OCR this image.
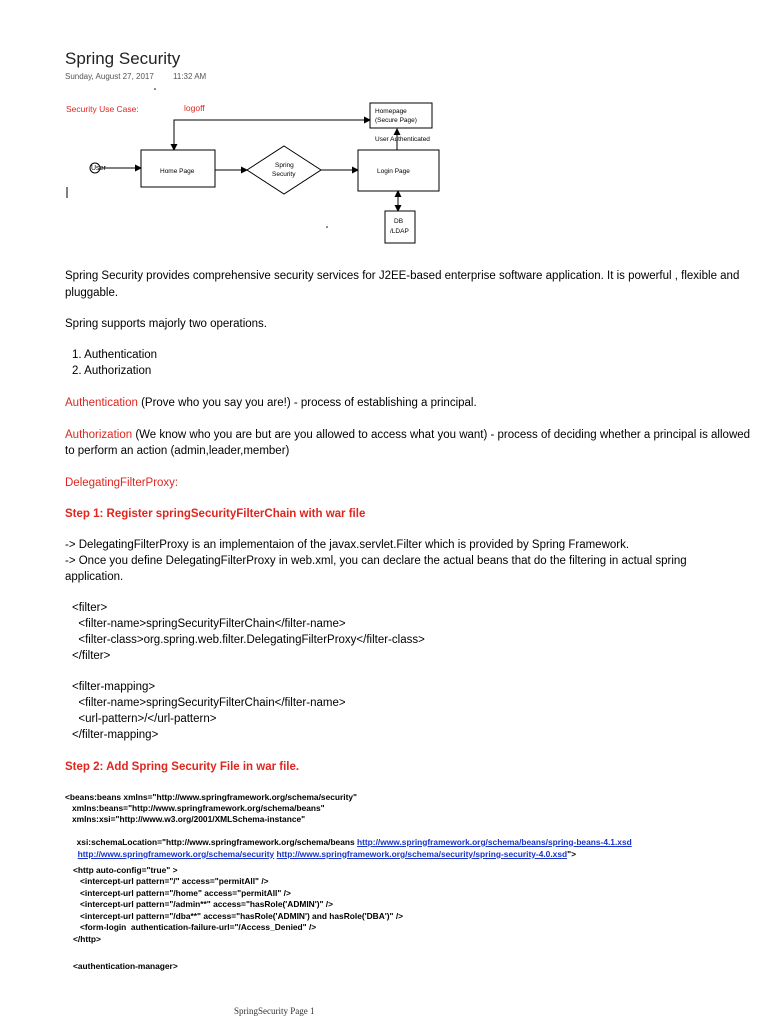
Spring Security
Sunday, August 27, 2017 11:32 AM
Security Use Case:	logoff
User	Home Page
Spring
Security	Login Page
Homepage
(Secure Page)
User Authenticated
DB
/LDAP
Spring Security provides comprehensive security services for J2EE-based enterprise software application. It is powerful , flexible and
pluggable.
Spring supports majorly two operations.
1. Authentication
2. Authorization
Authentication (Prove who you say you are!) - process of establishing a principal.
Authorization (We know who you are but are you allowed to access what you want) - process of deciding whether a principal is allowed
to perform an action (admin,leader,member)
DelegatingFilterProxy:
Step 1: Register springSecurityFilterChain with war file
-> DelegatingFilterProxy is an implementaion of the javax.servlet.Filter which is provided by Spring Framework.
-> Once you define DelegatingFilterProxy in web.xml, you can declare the actual beans that do the filtering in actual spring
application.
<filter>
<filter-name>springSecurityFilterChain</filter-name>
<filter-class>org.spring.web.filter.DelegatingFilterProxy</filter-class>
</filter>
<filter-mapping>
<filter-name>springSecurityFilterChain</filter-name>
<url-pattern>/</url-pattern>
</filter-mapping>
Step 2: Add Spring Security File in war file.
<beans:beans xmlns="http://www.springframework.org/schema/security"
xmlns:beans="http://www.springframework.org/schema/beans"
xmlns:xsi="http://www.w3.org/2001/XMLSchema-instance"

xsi:schemaLocation="http://www.springframework.org/schema/beans http://www.springframework.org/schema/beans/spring-beans-4.1.xsd

http://www.springframework.org/schema/security http://www.springframework.org/schema/security/spring-security-4.0.xsd">

<http auto-config="true" >
<intercept-url pattern="/" access="permitAll" />
<intercept-url pattern="/home" access="permitAll" />
<intercept-url pattern="/admin**" access="hasRole('ADMIN')" />
<intercept-url pattern="/dba**" access="hasRole('ADMIN') and hasRole('DBA')" />
<form-login  authentication-failure-url="/Access_Denied" />
</http>
<authentication-manager>
SpringSecurity Page 1
